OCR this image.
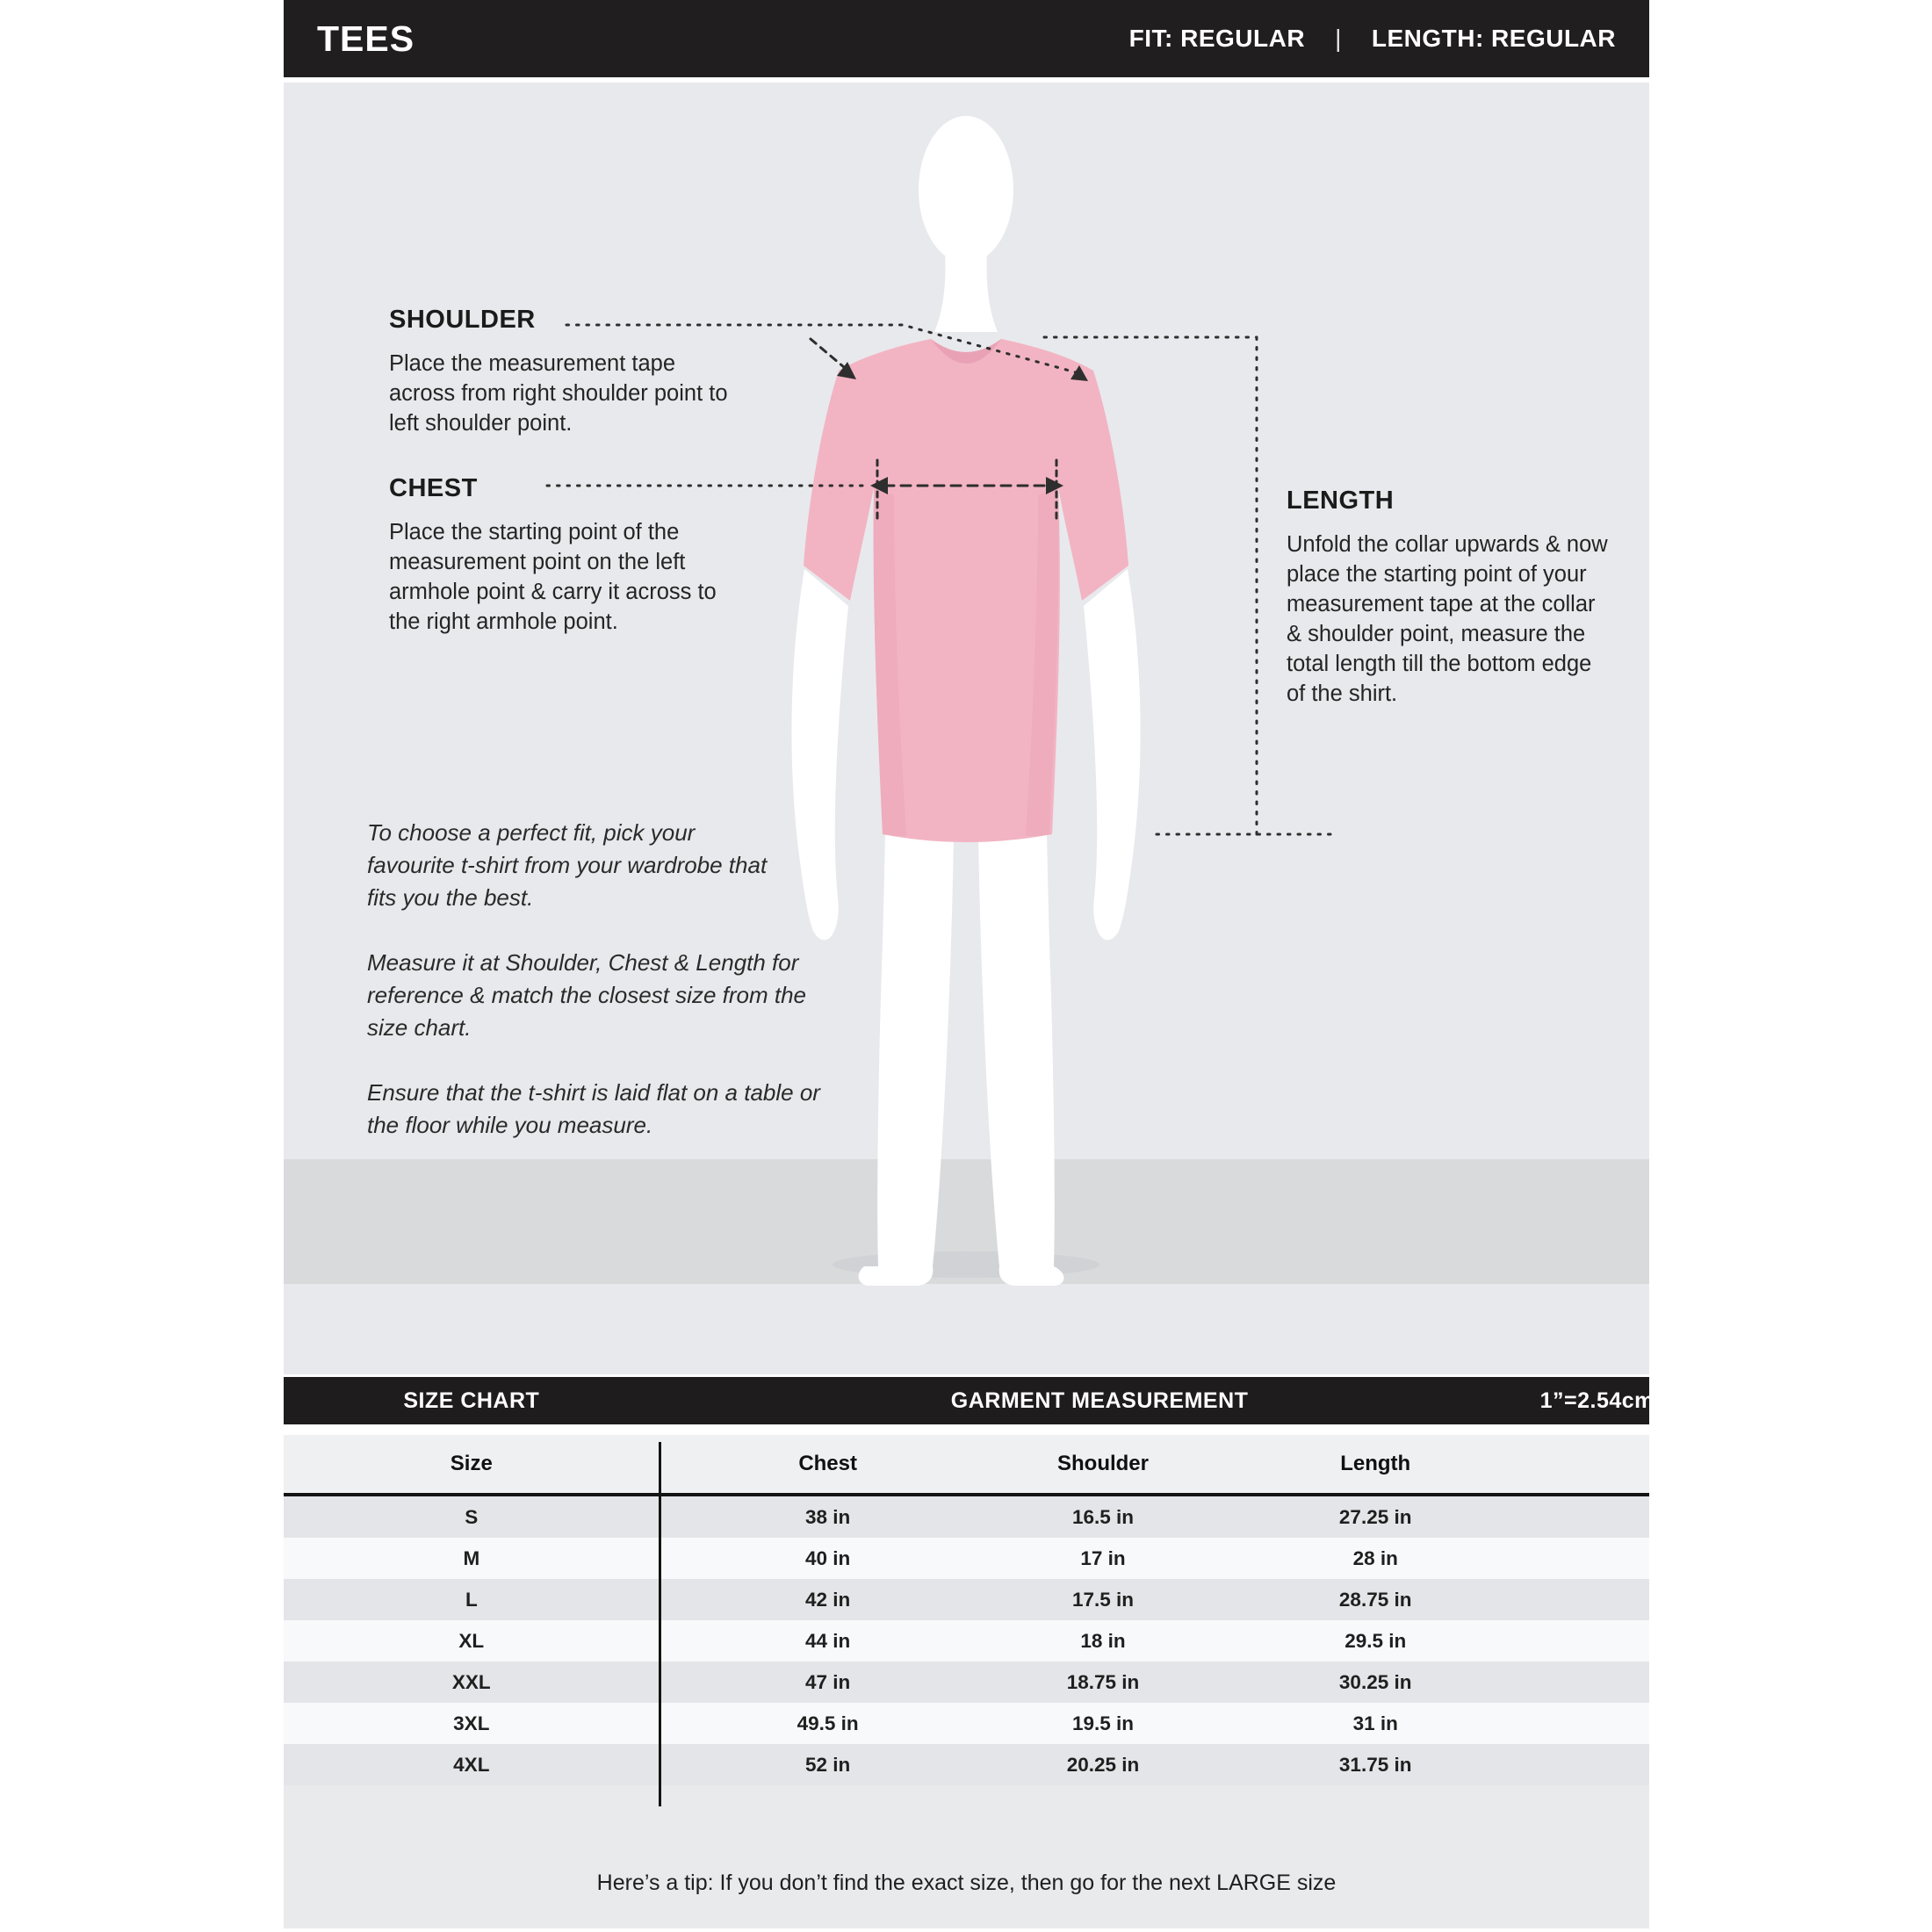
TEES	FIT: REGULAR | LENGTH: REGULAR
SHOULDER

Place the measurement tape across from right shoulder point to left shoulder point.

CHEST

Place the starting point of the measurement point on the left armhole point & carry it across to the right armhole point.

LENGTH

Unfold the collar upwards & now place the starting point of your measurement tape at the collar & shoulder point, measure the total length till the bottom edge of the shirt.

To choose a perfect fit, pick your favourite t-shirt from your wardrobe that fits you the best.

Measure it at Shoulder, Chest & Length for reference & match the closest size from the size chart.

Ensure that the t-shirt is laid flat on a table or the floor while you measure.

SIZE CHART	GARMENT MEASUREMENT	1”=2.54cm
Size	Chest	Shoulder	Length
S	38 in	16.5 in	27.25 in
M	40 in	17 in	28 in
L	42 in	17.5 in	28.75 in
XL	44 in	18 in	29.5 in
XXL	47 in	18.75 in	30.25 in
3XL	49.5 in	19.5 in	31 in
4XL	52 in	20.25 in	31.75 in
Here’s a tip: If you don’t find the exact size, then go for the next LARGE size
